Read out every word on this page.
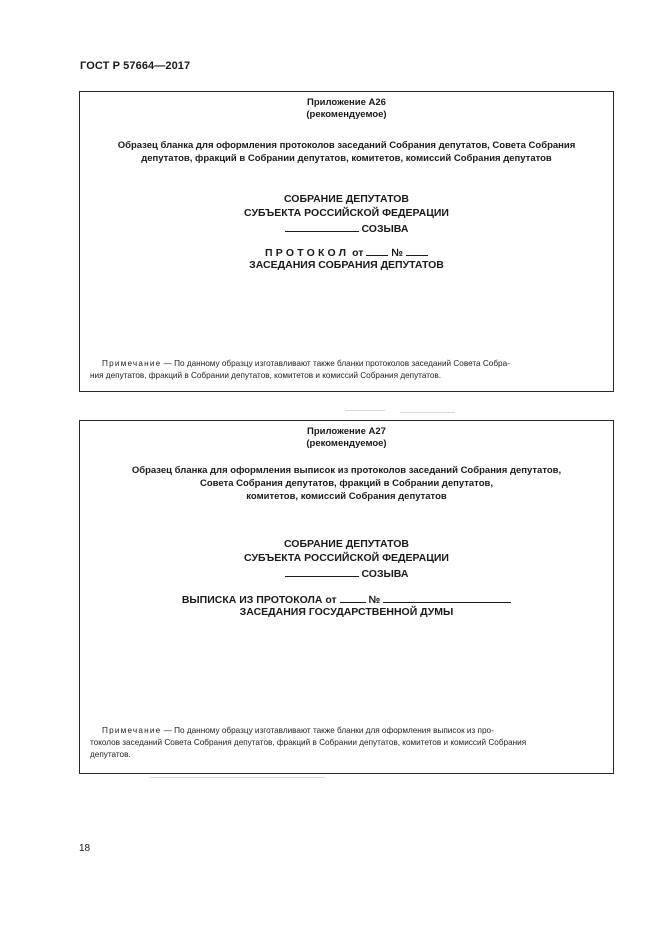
ГОСТ Р 57664—2017
Приложение А26
(рекомендуемое)
Образец бланка для оформления протоколов заседаний Собрания депутатов, Совета Собрания
депутатов, фракций в Собрании депутатов, комитетов, комиссий Собрания депутатов
СОБРАНИЕ ДЕПУТАТОВ
СУБЪЕКТА РОССИЙСКОЙ ФЕДЕРАЦИИ
СОЗЫВА
ПРОТОКОЛ от	№
ЗАСЕДАНИЯ СОБРАНИЯ ДЕПУТАТОВ
Примечание — По данному образцу изготавливают также бланки протоколов заседаний Совета Собра-
ния депутатов, фракций в Собрании депутатов, комитетов и комиссий Собрания депутатов.
Приложение А27
(рекомендуемое)
Образец бланка для оформления выписок из протоколов заседаний Собрания депутатов,
Совета Собрания депутатов, фракций в Собрании депутатов,
комитетов, комиссий Собрания депутатов
СОБРАНИЕ ДЕПУТАТОВ
СУБЪЕКТА РОССИЙСКОЙ ФЕДЕРАЦИИ
СОЗЫВА
ВЫПИСКА ИЗ ПРОТОКОЛА от	№
ЗАСЕДАНИЯ ГОСУДАРСТВЕННОЙ ДУМЫ
Примечание — По данному образцу изготавливают также бланки для оформления выписок из про-
токолов заседаний Совета Собрания депутатов, фракций в Собрании депутатов, комитетов и комиссий Собрания
депутатов.
18
